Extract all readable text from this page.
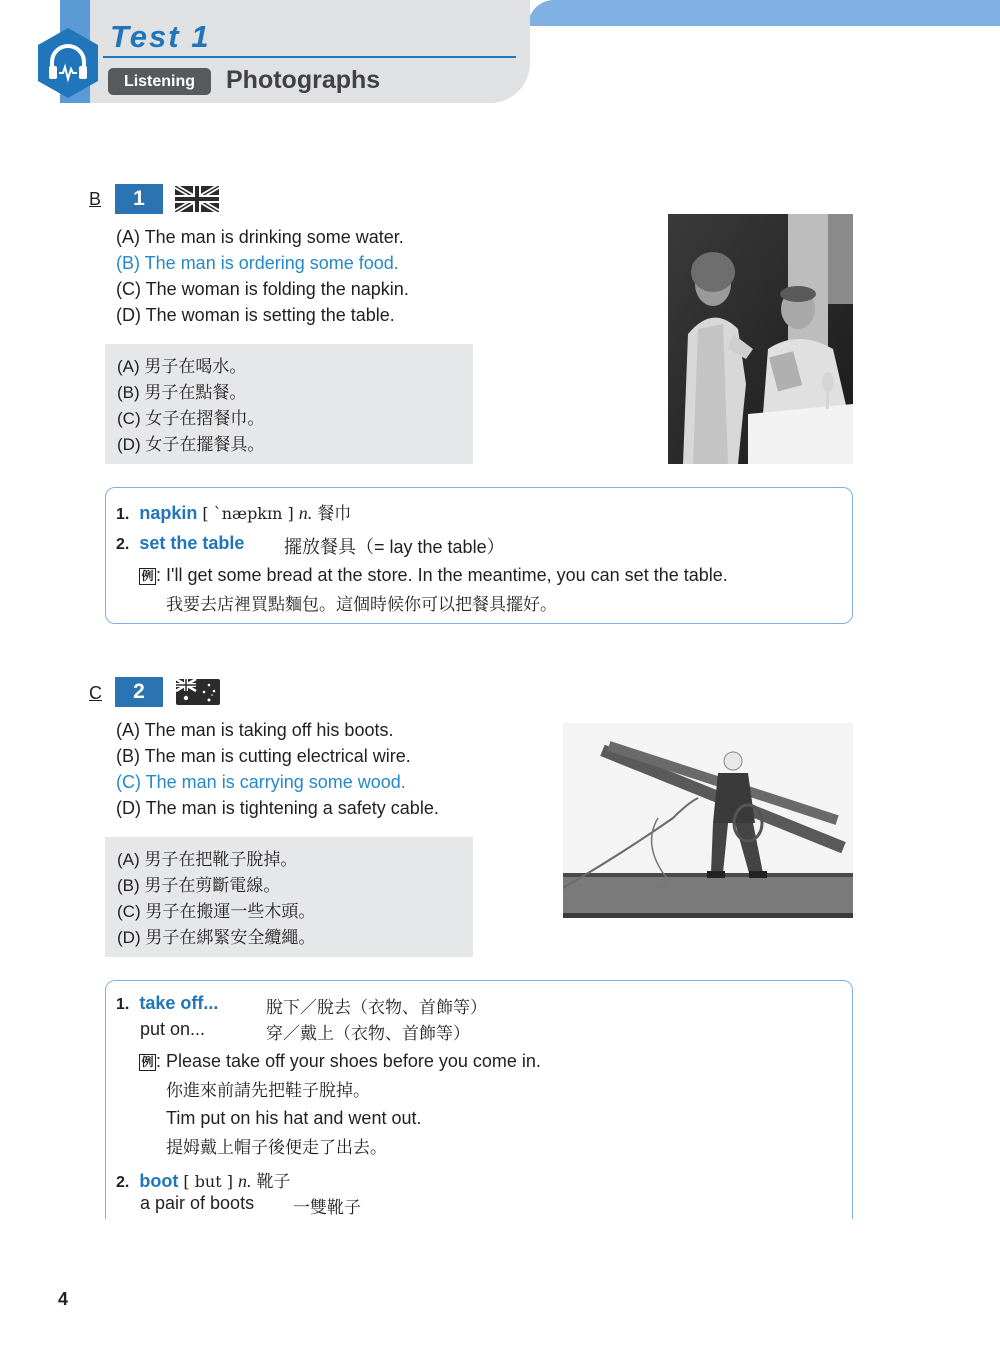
Test 1
Listening	Photographs
B	1
(A) The man is drinking some water.
(B) The man is ordering some food.
(C) The woman is folding the napkin.
(D) The woman is setting the table.
(A) 男子在喝水。
(B) 男子在點餐。
(C) 女子在摺餐巾。
(D) 女子在擺餐具。
1. napkin [ ˋnæpkɪn ] n. 餐巾
2. set the table 擺放餐具（= lay the table）
例 : I'll get some bread at the store. In the meantime, you can set the table.
我要去店裡買點麵包。這個時候你可以把餐具擺好。
C	2
(A) The man is taking off his boots.
(B) The man is cutting electrical wire.
(C) The man is carrying some wood.
(D) The man is tightening a safety cable.
(A) 男子在把靴子脫掉。
(B) 男子在剪斷電線。
(C) 男子在搬運一些木頭。
(D) 男子在綁緊安全纜繩。
1. take off...	脫下／脫去（衣物、首飾等）
put on...	穿／戴上（衣物、首飾等）
例 : Please take off your shoes before you come in.
你進來前請先把鞋子脫掉。
Tim put on his hat and went out.
提姆戴上帽子後便走了出去。
2. boot [ but ] n. 靴子
a pair of boots 一雙靴子
4
